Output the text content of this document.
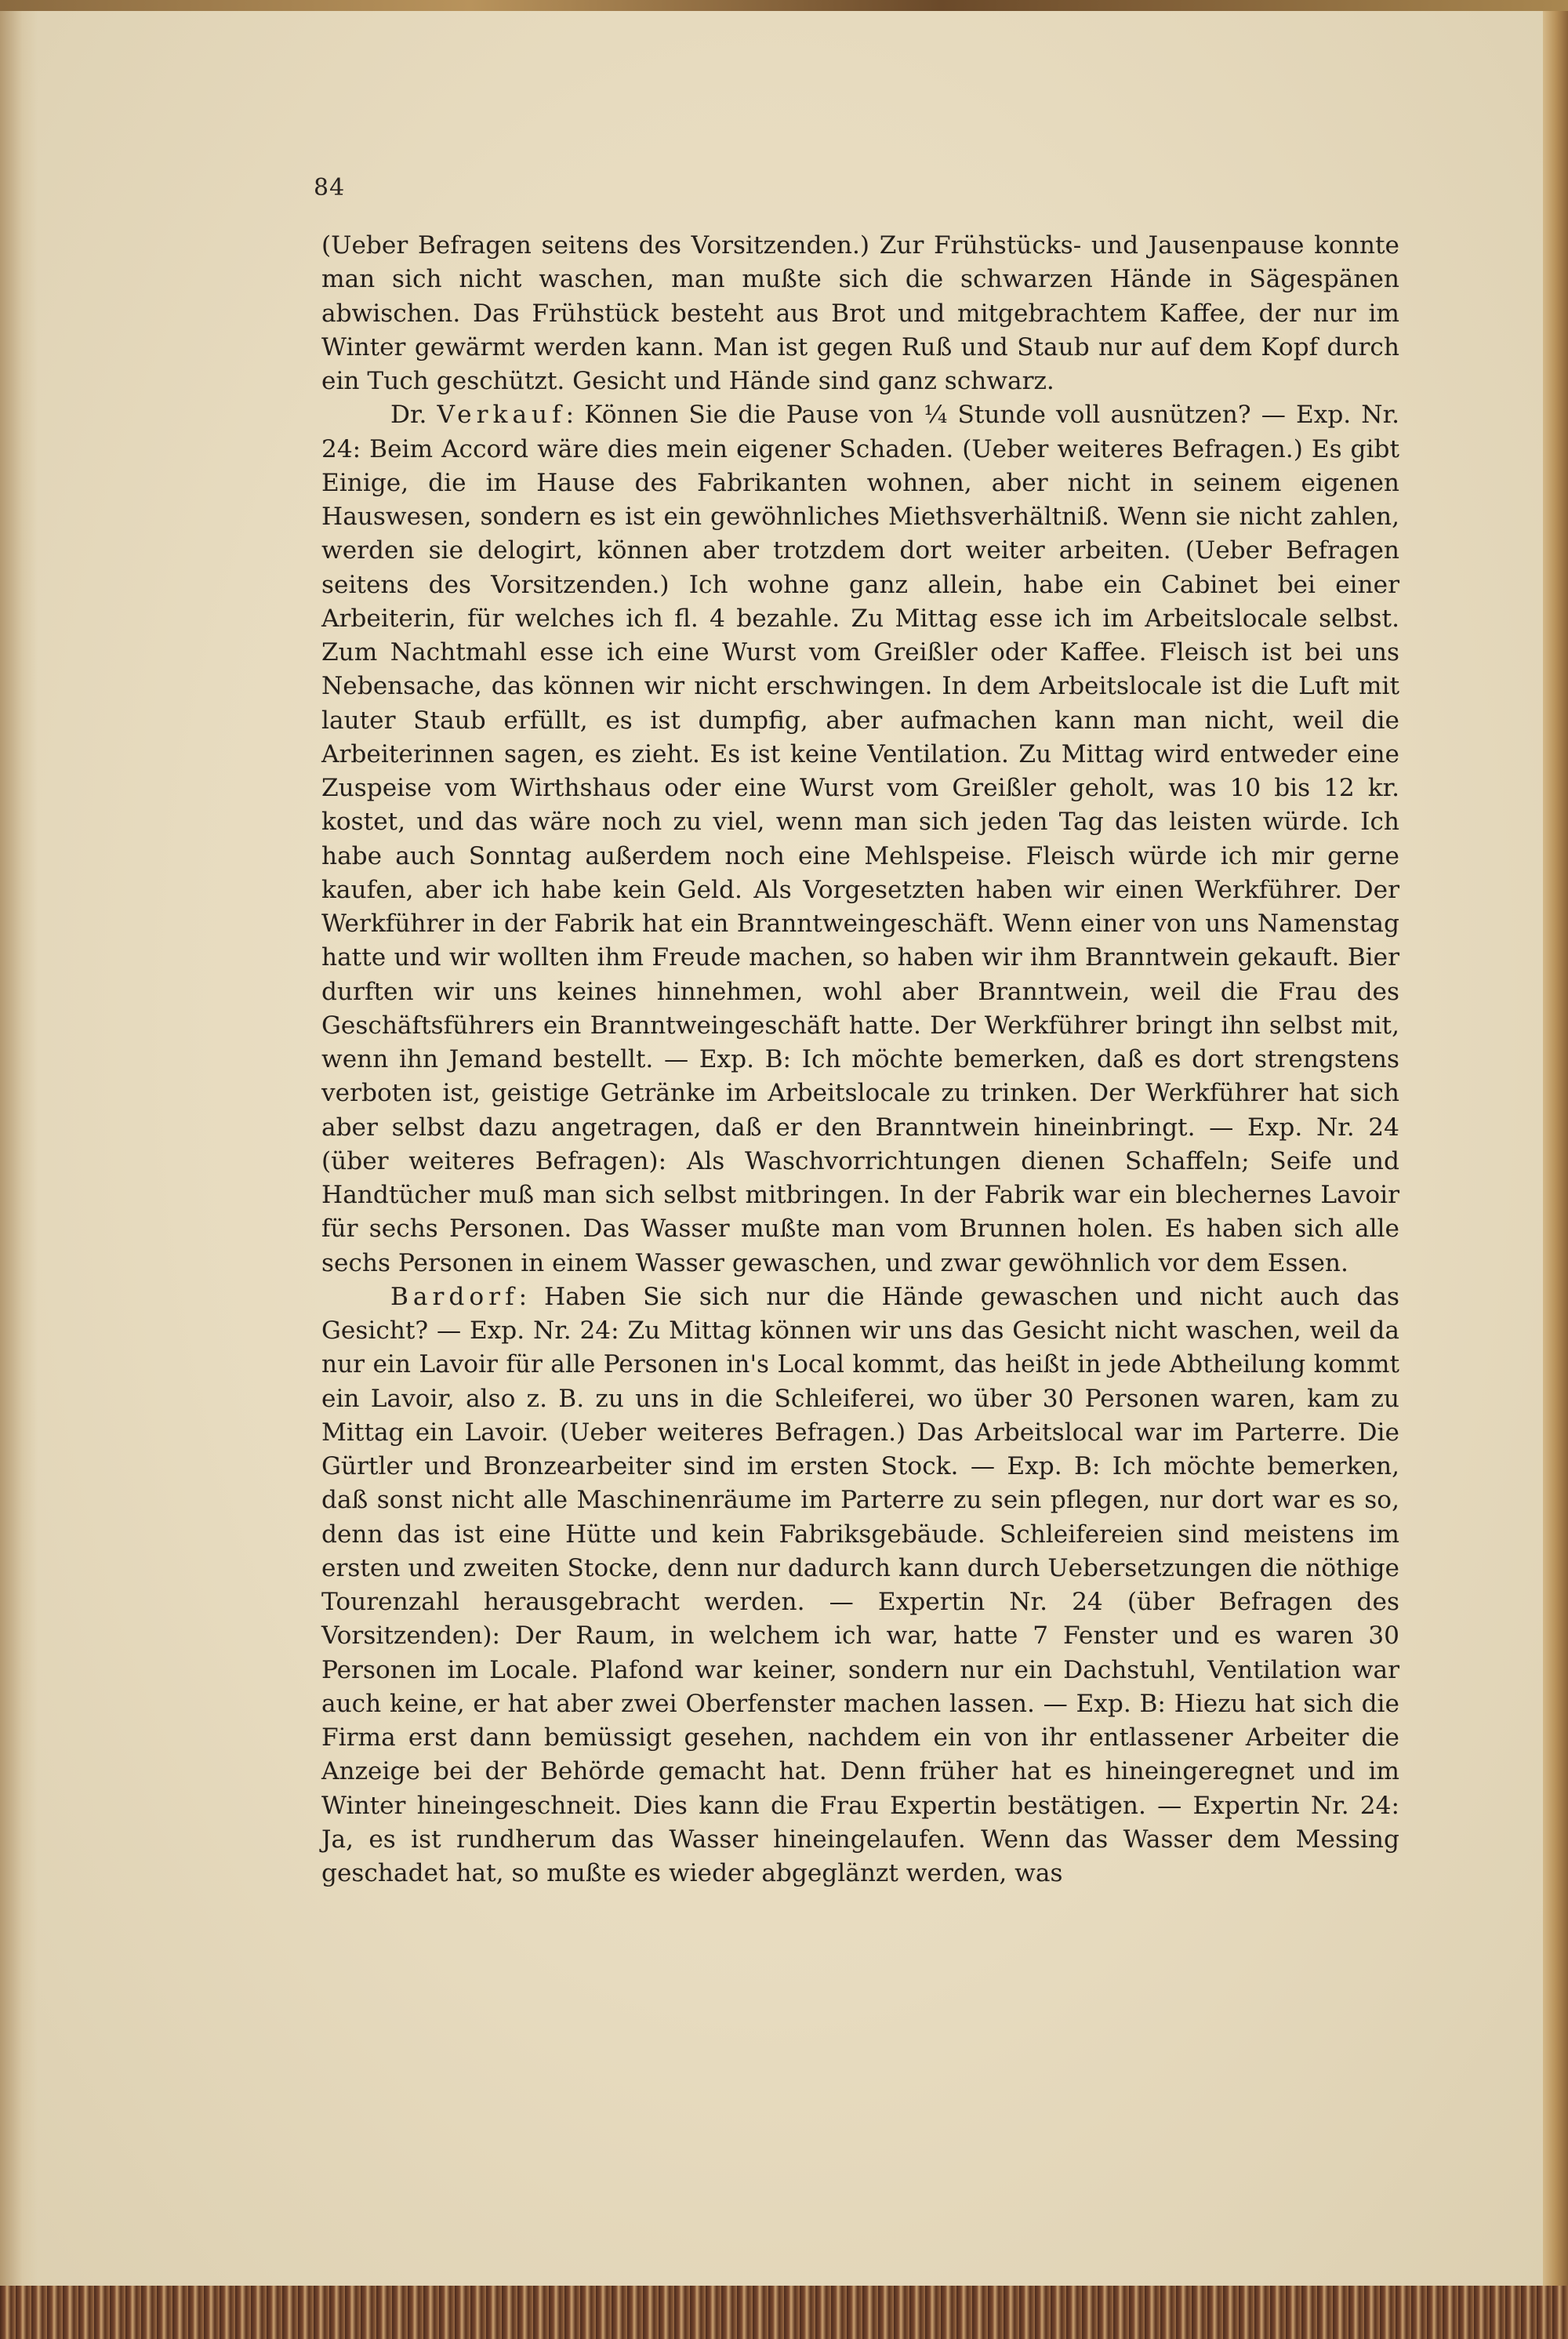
84

(Ueber Befragen seitens des Vorsitzenden.) Zur Frühstücks- und Jausenpause konnte man sich nicht waschen, man mußte sich die schwarzen Hände in Sägespänen abwischen. Das Frühstück besteht aus Brot und mitgebrachtem Kaffee, der nur im Winter gewärmt werden kann. Man ist gegen Ruß und Staub nur auf dem Kopf durch ein Tuch geschützt. Gesicht und Hände sind ganz schwarz.

Dr. Verkauf: Können Sie die Pause von ¼ Stunde voll ausnützen? — Exp. Nr. 24: Beim Accord wäre dies mein eigener Schaden. (Ueber weiteres Befragen.) Es gibt Einige, die im Hause des Fabrikanten wohnen, aber nicht in seinem eigenen Hauswesen, sondern es ist ein gewöhnliches Miethsverhältniß. Wenn sie nicht zahlen, werden sie delogirt, können aber trotzdem dort weiter arbeiten. (Ueber Befragen seitens des Vorsitzenden.) Ich wohne ganz allein, habe ein Cabinet bei einer Arbeiterin, für welches ich fl. 4 bezahle. Zu Mittag esse ich im Arbeitslocale selbst. Zum Nachtmahl esse ich eine Wurst vom Greißler oder Kaffee. Fleisch ist bei uns Nebensache, das können wir nicht erschwingen. In dem Arbeitslocale ist die Luft mit lauter Staub erfüllt, es ist dumpfig, aber aufmachen kann man nicht, weil die Arbeiterinnen sagen, es zieht. Es ist keine Ventilation. Zu Mittag wird entweder eine Zuspeise vom Wirthshaus oder eine Wurst vom Greißler geholt, was 10 bis 12 kr. kostet, und das wäre noch zu viel, wenn man sich jeden Tag das leisten würde. Ich habe auch Sonntag außerdem noch eine Mehlspeise. Fleisch würde ich mir gerne kaufen, aber ich habe kein Geld. Als Vorgesetzten haben wir einen Werkführer. Der Werkführer in der Fabrik hat ein Branntweingeschäft. Wenn einer von uns Namenstag hatte und wir wollten ihm Freude machen, so haben wir ihm Branntwein gekauft. Bier durften wir uns keines hinnehmen, wohl aber Branntwein, weil die Frau des Geschäftsführers ein Branntweingeschäft hatte. Der Werkführer bringt ihn selbst mit, wenn ihn Jemand bestellt. — Exp. B: Ich möchte bemerken, daß es dort strengstens verboten ist, geistige Getränke im Arbeitslocale zu trinken. Der Werkführer hat sich aber selbst dazu angetragen, daß er den Branntwein hineinbringt. — Exp. Nr. 24 (über weiteres Befragen): Als Waschvorrichtungen dienen Schaffeln; Seife und Handtücher muß man sich selbst mitbringen. In der Fabrik war ein blechernes Lavoir für sechs Personen. Das Wasser mußte man vom Brunnen holen. Es haben sich alle sechs Personen in einem Wasser gewaschen, und zwar gewöhnlich vor dem Essen.

Bardorf: Haben Sie sich nur die Hände gewaschen und nicht auch das Gesicht? — Exp. Nr. 24: Zu Mittag können wir uns das Gesicht nicht waschen, weil da nur ein Lavoir für alle Personen in's Local kommt, das heißt in jede Abtheilung kommt ein Lavoir, also z. B. zu uns in die Schleiferei, wo über 30 Personen waren, kam zu Mittag ein Lavoir. (Ueber weiteres Befragen.) Das Arbeitslocal war im Parterre. Die Gürtler und Bronzearbeiter sind im ersten Stock. — Exp. B: Ich möchte bemerken, daß sonst nicht alle Maschinenräume im Parterre zu sein pflegen, nur dort war es so, denn das ist eine Hütte und kein Fabriksgebäude. Schleifereien sind meistens im ersten und zweiten Stocke, denn nur dadurch kann durch Uebersetzungen die nöthige Tourenzahl herausgebracht werden. — Expertin Nr. 24 (über Befragen des Vorsitzenden): Der Raum, in welchem ich war, hatte 7 Fenster und es waren 30 Personen im Locale. Plafond war keiner, sondern nur ein Dachstuhl, Ventilation war auch keine, er hat aber zwei Oberfenster machen lassen. — Exp. B: Hiezu hat sich die Firma erst dann bemüssigt gesehen, nachdem ein von ihr entlassener Arbeiter die Anzeige bei der Behörde gemacht hat. Denn früher hat es hineingeregnet und im Winter hineingeschneit. Dies kann die Frau Expertin bestätigen. — Expertin Nr. 24: Ja, es ist rundherum das Wasser hineingelaufen. Wenn das Wasser dem Messing geschadet hat, so mußte es wieder abgeglänzt werden, was
